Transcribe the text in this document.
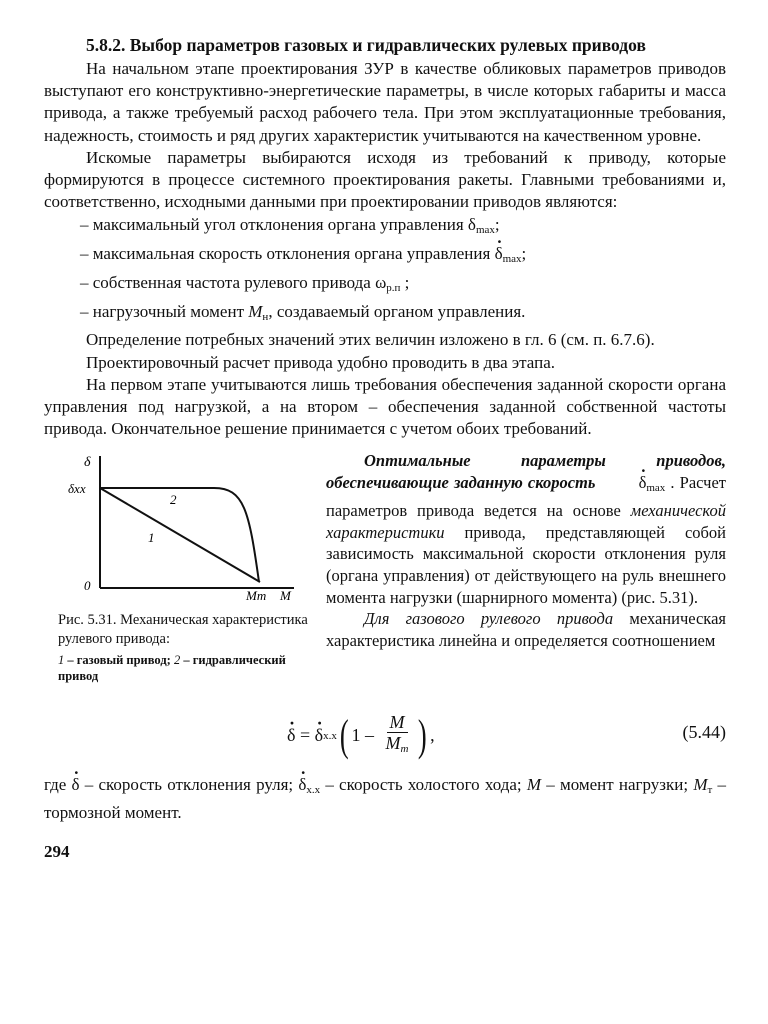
5.8.2. Выбор параметров газовых и гидравлических рулевых приводов

На начальном этапе проектирования ЗУР в качестве обликовых параметров приводов выступают его конструктивно-энергетические параметры, в числе которых габариты и масса привода, а также требуемый расход рабочего тела. При этом эксплуатационные требования, надежность, стоимость и ряд других характеристик учитываются на качественном уровне.

Искомые параметры выбираются исходя из требований к приводу, которые формируются в процессе системного проектирования ракеты. Главными требованиями и, соответственно, исходными данными при проектировании приводов являются:

– максимальный угол отклонения органа управления $\delta_{max}$;
– максимальная скорость отклонения органа управления · $\delta_{max}$;
– собственная частота рулевого привода $\omega_{р.п}$ ;
– нагрузочный момент $M_н$, создаваемый органом управления.

Определение потребных значений этих величин изложено в гл. 6 (см. п. 6.7.6).

Проектировочный расчет привода удобно проводить в два этапа.

На первом этапе учитываются лишь требования обеспечения заданной скорости органа управления под нагрузкой, а на втором – обеспечения заданной собственной частоты привода. Окончательное решение принимается с учетом обоих требований.

δ
δхх
0
Mт M
1
2
Рис. 5.31. Механическая характеристика рулевого привода:
1 – газовый привод; 2 – гидравлический привод

Оптимальные параметры приводов, обеспечивающие заданную скорость	· $\delta_{max}$ . Расчет параметров привода ведется на основе механической характеристики привода, представляющей собой зависимость максимальной скорости отклонения руля (органа управления) от действующего на руль внешнего момента нагрузки (шарнирного момента) (рис. 5.31).

Для газового рулевого привода механическая характеристика линейна и определяется соотношением

· δ = · δ х.х ( $1 - \frac{M}{M_т}$ ) ,	(5.44)

где · δ – скорость отклонения руля; · $\delta_{х.х}$ – скорость холостого хода; M – момент нагрузки; $M_т$ – тормозной момент.

294
